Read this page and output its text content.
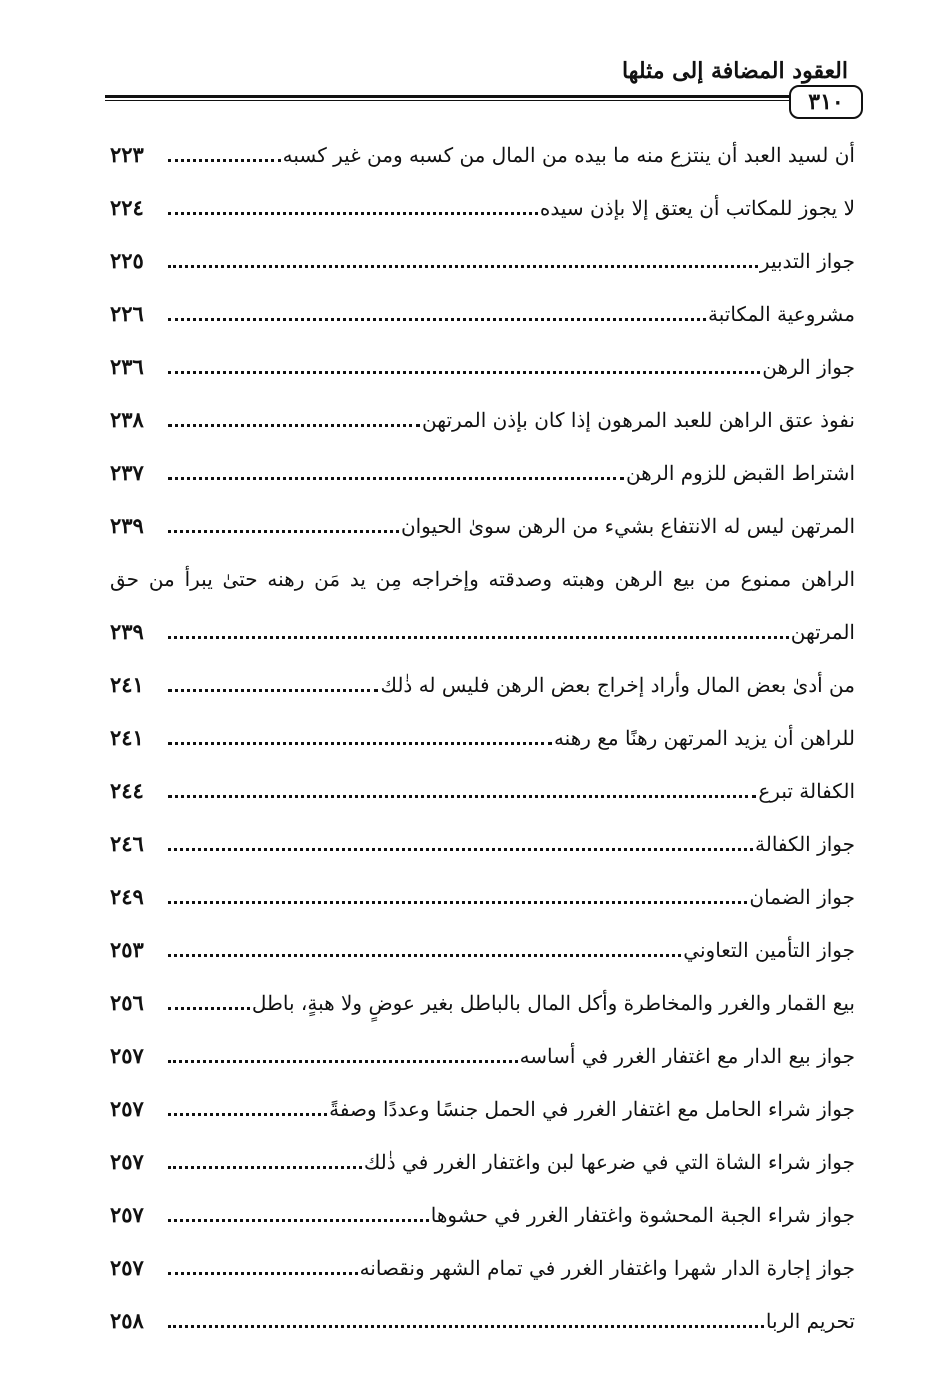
العقود المضافة إلى مثلها
٣١٠
أن لسيد العبد أن ينتزع منه ما بيده من المال من كسبه ومن غير كسبه
٢٢٣
لا يجوز للمكاتب أن يعتق إلا بإذن سيده
٢٢٤
جواز التدبير
٢٢٥
مشروعية المكاتبة
٢٢٦
جواز الرهن
٢٣٦
نفوذ عتق الراهن للعبد المرهون إذا كان بإذن المرتهن
٢٣٨
اشتراط القبض للزوم الرهن
٢٣٧
المرتهن ليس له الانتفاع بشيء من الرهن سوىٰ الحيوان
٢٣٩
الراهن ممنوع من بيع الرهن وهبته وصدقته وإخراجه مِن يد مَن رهنه حتىٰ يبرأ من حق
المرتهن
٢٣٩
من أدىٰ بعض المال وأراد إخراج بعض الرهن فليس له ذٰلك
٢٤١
للراهن أن يزيد المرتهن رهنًا مع رهنه
٢٤١
الكفالة تبرع
٢٤٤
جواز الكفالة
٢٤٦
جواز الضمان
٢٤٩
جواز التأمين التعاوني
٢٥٣
بيع القمار والغرر والمخاطرة وأكل المال بالباطل بغير عوضٍ ولا هبةٍ، باطل
٢٥٦
جواز بيع الدار مع اغتفار الغرر في أساسه
٢٥٧
جواز شراء الحامل مع اغتفار الغرر في الحمل جنسًا وعددًا وصفةً
٢٥٧
جواز شراء الشاة التي في ضرعها لبن واغتفار الغرر في ذٰلك
٢٥٧
جواز شراء الجبة المحشوة واغتفار الغرر في حشوها
٢٥٧
جواز إجارة الدار شهرا واغتفار الغرر في تمام الشهر ونقصانه
٢٥٧
تحريم الربا
٢٥٨
